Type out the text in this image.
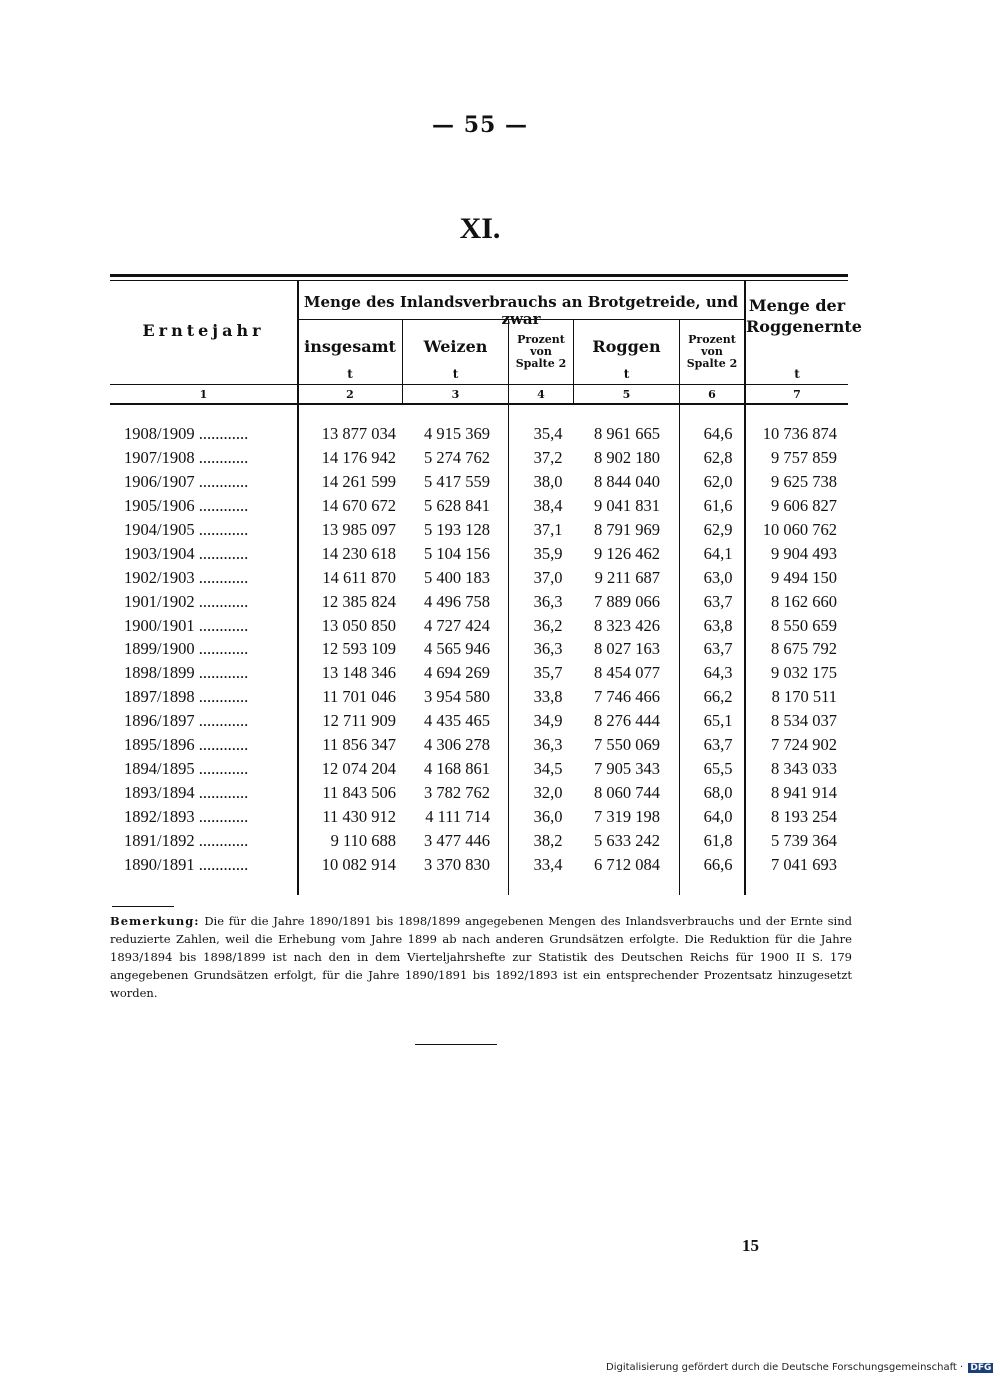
— 55 —
XI.
Erntejahr
Menge des Inlandsverbrauchs an Brotgetreide, und zwar
insgesamt	Weizen	Prozent von Spalte 2
Roggen	Prozent von Spalte 2
Menge der Roggenernte
t	t	t	t
1	2	3	4	5	6	7
1908/1909 ............	13 877 034	4 915 369	35,4	8 961 665	64,6	10 736 874
1907/1908 ............	14 176 942	5 274 762	37,2	8 902 180	62,8	9 757 859
1906/1907 ............	14 261 599	5 417 559	38,0	8 844 040	62,0	9 625 738
1905/1906 ............	14 670 672	5 628 841	38,4	9 041 831	61,6	9 606 827
1904/1905 ............	13 985 097	5 193 128	37,1	8 791 969	62,9	10 060 762
1903/1904 ............	14 230 618	5 104 156	35,9	9 126 462	64,1	9 904 493
1902/1903 ............	14 611 870	5 400 183	37,0	9 211 687	63,0	9 494 150
1901/1902 ............	12 385 824	4 496 758	36,3	7 889 066	63,7	8 162 660
1900/1901 ............	13 050 850	4 727 424	36,2	8 323 426	63,8	8 550 659
1899/1900 ............	12 593 109	4 565 946	36,3	8 027 163	63,7	8 675 792
1898/1899 ............	13 148 346	4 694 269	35,7	8 454 077	64,3	9 032 175
1897/1898 ............	11 701 046	3 954 580	33,8	7 746 466	66,2	8 170 511
1896/1897 ............	12 711 909	4 435 465	34,9	8 276 444	65,1	8 534 037
1895/1896 ............	11 856 347	4 306 278	36,3	7 550 069	63,7	7 724 902
1894/1895 ............	12 074 204	4 168 861	34,5	7 905 343	65,5	8 343 033
1893/1894 ............	11 843 506	3 782 762	32,0	8 060 744	68,0	8 941 914
1892/1893 ............	11 430 912	4 111 714	36,0	7 319 198	64,0	8 193 254
1891/1892 ............	9 110 688	3 477 446	38,2	5 633 242	61,8	5 739 364
1890/1891 ............	10 082 914	3 370 830	33,4	6 712 084	66,6	7 041 693
Bemerkung: Die für die Jahre 1890/1891 bis 1898/1899 angegebenen Mengen des Inlandsverbrauchs und der Ernte sind reduzierte Zahlen, weil die Erhebung vom Jahre 1899 ab nach anderen Grundsätzen erfolgte. Die Reduktion für die Jahre 1893/1894 bis 1898/1899 ist nach den in dem Vierteljahrshefte zur Statistik des Deutschen Reichs für 1900 II S. 179 angegebenen Grundsätzen erfolgt, für die Jahre 1890/1891 bis 1892/1893 ist ein entsprechender Prozentsatz hinzugesetzt worden.
15
Digitalisierung gefördert durch die Deutsche Forschungsgemeinschaft · DFG
